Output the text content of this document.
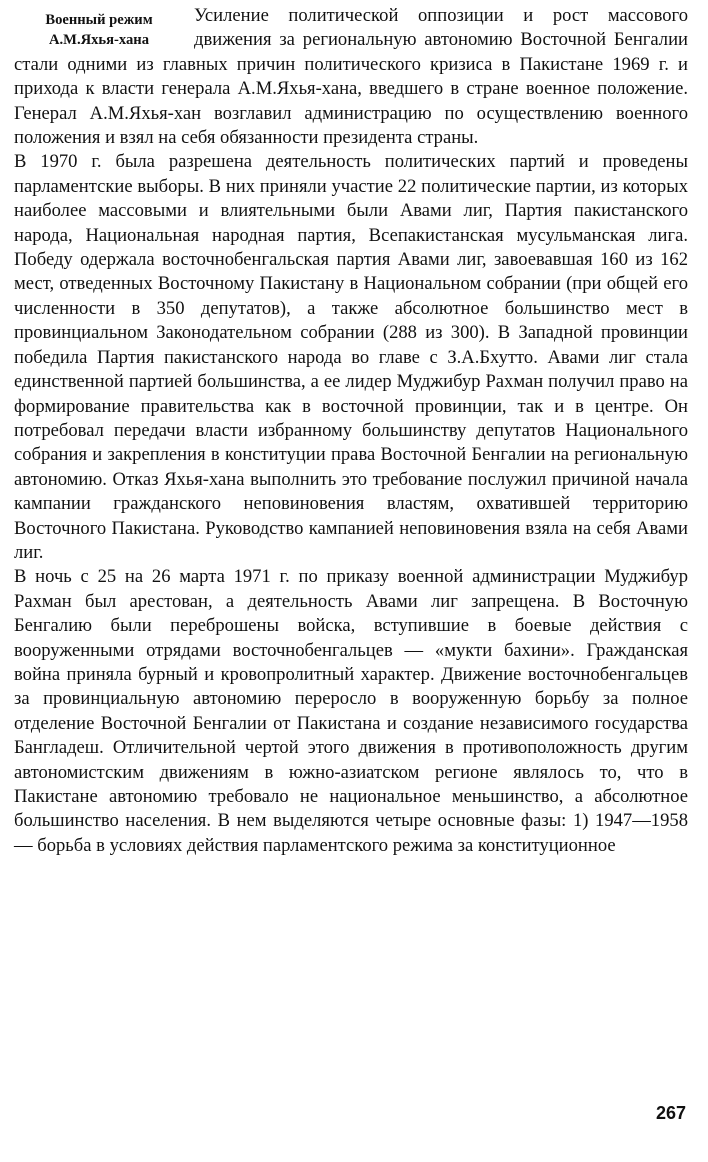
Военный режим
А.М.Яхья-хана

Усиление политической оппозиции и рост массового движения за региональную автономию Восточной Бенгалии стали одними из главных причин политического кризиса в Пакистане 1969 г. и прихода к власти генерала А.М.Яхья-хана, введшего в стране военное положение. Генерал А.М.Яхья-хан возглавил администрацию по осуществлению военного положения и взял на себя обязанности президента страны.

В 1970 г. была разрешена деятельность политических партий и проведены парламентские выборы. В них приняли участие 22 политические партии, из которых наиболее массовыми и влиятельными были Авами лиг, Партия пакистанского народа, Национальная народная партия, Всепакистанская мусульманская лига. Победу одержала восточнобенгальская партия Авами лиг, завоевавшая 160 из 162 мест, отведенных Восточному Пакистану в Национальном собрании (при общей его численности в 350 депутатов), а также абсолютное большинство мест в провинциальном Законодательном собрании (288 из 300). В Западной провинции победила Партия пакистанского народа во главе с З.А.Бхутто. Авами лиг стала единственной партией большинства, а ее лидер Муджибур Рахман получил право на формирование правительства как в восточной провинции, так и в центре. Он потребовал передачи власти избранному большинству депутатов Национального собрания и закрепления в конституции права Восточной Бенгалии на региональную автономию. Отказ Яхья-хана выполнить это требование послужил причиной начала кампании гражданского неповиновения властям, охватившей территорию Восточного Пакистана. Руководство кампанией неповиновения взяла на себя Авами лиг.

В ночь с 25 на 26 марта 1971 г. по приказу военной администрации Муджибур Рахман был арестован, а деятельность Авами лиг запрещена. В Восточную Бенгалию были переброшены войска, вступившие в боевые действия с вооруженными отрядами восточнобенгальцев — «мукти бахини». Гражданская война приняла бурный и кровопролитный характер. Движение восточнобенгальцев за провинциальную автономию переросло в вооруженную борьбу за полное отделение Восточной Бенгалии от Пакистана и создание независимого государства Бангладеш. Отличительной чертой этого движения в противоположность другим автономистским движениям в южно-азиатском регионе являлось то, что в Пакистане автономию требовало не национальное меньшинство, а абсолютное большинство населения. В нем выделяются четыре основные фазы: 1) 1947—1958 — борьба в условиях действия парламентского режима за конституционное

267
